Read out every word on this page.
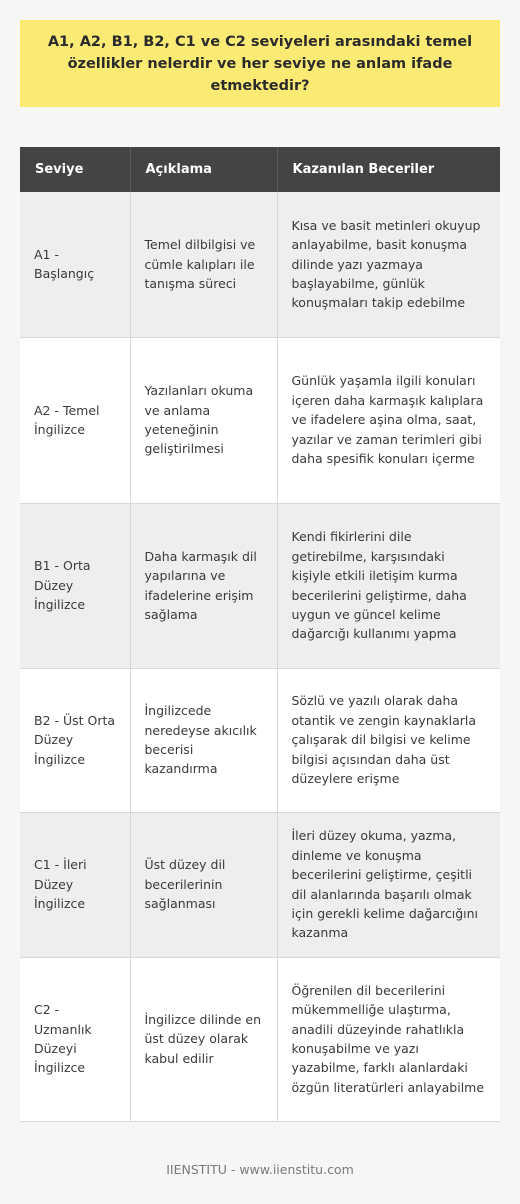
A1, A2, B1, B2, C1 ve C2 seviyeleri arasındaki temel özellikler nelerdir ve her seviye ne anlam ifade etmektedir?
Seviye	Açıklama	Kazanılan Beceriler
A1 - Başlangıç	Temel dilbilgisi ve cümle kalıpları ile tanışma süreci	Kısa ve basit metinleri okuyup anlayabilme, basit konuşma dilinde yazı yazmaya başlayabilme, günlük konuşmaları takip edebilme
A2 - Temel İngilizce	Yazılanları okuma ve anlama yeteneğinin geliştirilmesi	Günlük yaşamla ilgili konuları içeren daha karmaşık kalıplara ve ifadelere aşina olma, saat, yazılar ve zaman terimleri gibi daha spesifik konuları içerme
B1 - Orta Düzey İngilizce	Daha karmaşık dil yapılarına ve ifadelerine erişim sağlama	Kendi fikirlerini dile getirebilme, karşısındaki kişiyle etkili iletişim kurma becerilerini geliştirme, daha uygun ve güncel kelime dağarcığı kullanımı yapma
B2 - Üst Orta Düzey İngilizce	İngilizcede neredeyse akıcılık becerisi kazandırma	Sözlü ve yazılı olarak daha otantik ve zengin kaynaklarla çalışarak dil bilgisi ve kelime bilgisi açısından daha üst düzeylere erişme
C1 - İleri Düzey İngilizce	Üst düzey dil becerilerinin sağlanması	İleri düzey okuma, yazma, dinleme ve konuşma becerilerini geliştirme, çeşitli dil alanlarında başarılı olmak için gerekli kelime dağarcığını kazanma
C2 - Uzmanlık Düzeyi İngilizce	İngilizce dilinde en üst düzey olarak kabul edilir	Öğrenilen dil becerilerini mükemmelliğe ulaştırma, anadili düzeyinde rahatlıkla konuşabilme ve yazı yazabilme, farklı alanlardaki özgün literatürleri anlayabilme
IIENSTITU - www.iienstitu.com
